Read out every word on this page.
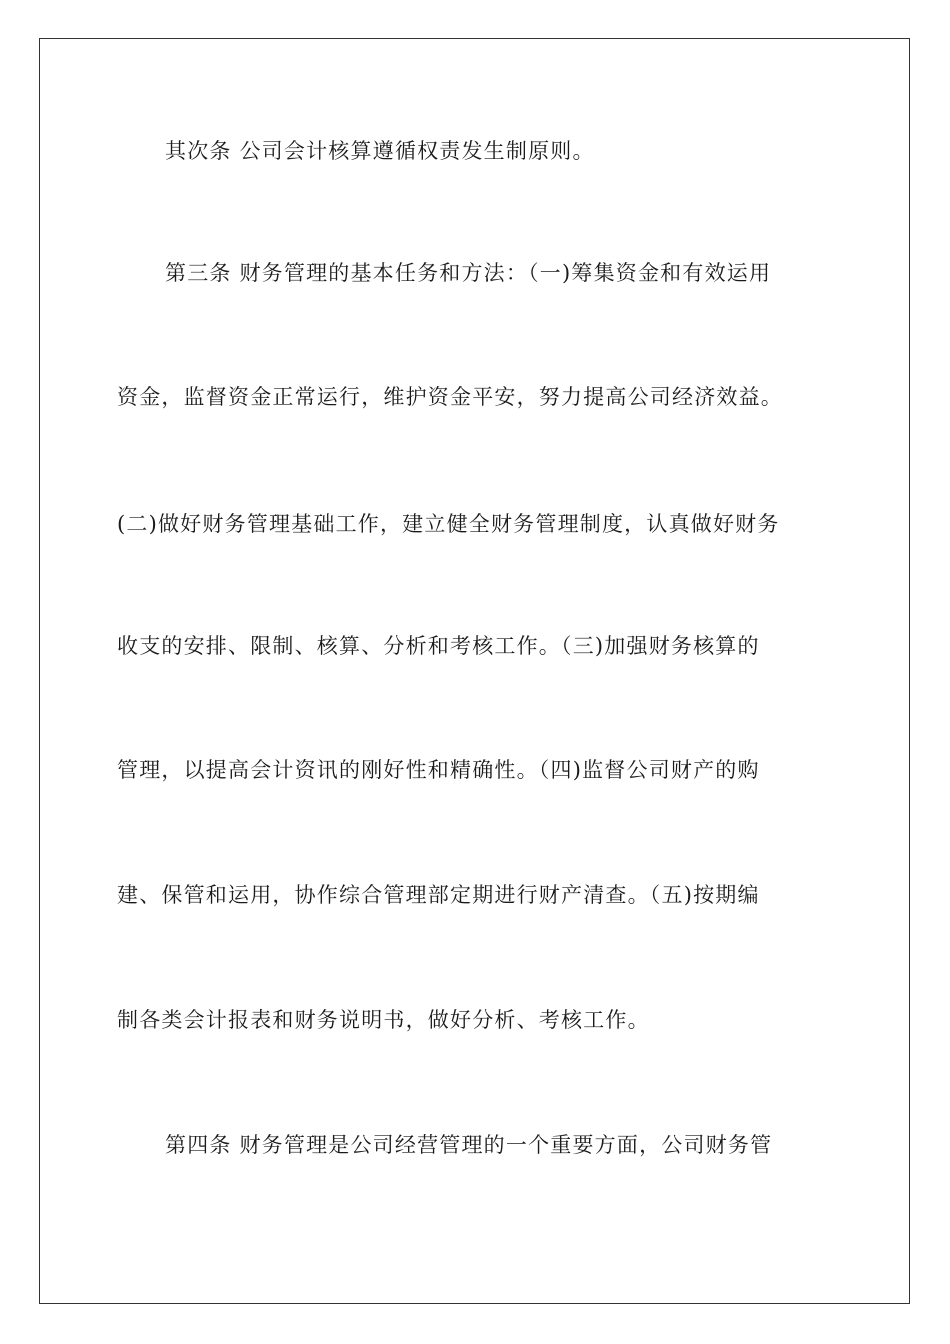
其次条 公司会计核算遵循权责发生制原则。
第三条 财务管理的基本任务和方法：（一)筹集资金和有效运用
资金，监督资金正常运行，维护资金平安，努力提高公司经济效益。
(二)做好财务管理基础工作，建立健全财务管理制度，认真做好财务
收支的安排、限制、核算、分析和考核工作。（三)加强财务核算的
管理，以提高会计资讯的刚好性和精确性。（四)监督公司财产的购
建、保管和运用，协作综合管理部定期进行财产清查。（五)按期编
制各类会计报表和财务说明书，做好分析、考核工作。
第四条 财务管理是公司经营管理的一个重要方面，公司财务管
